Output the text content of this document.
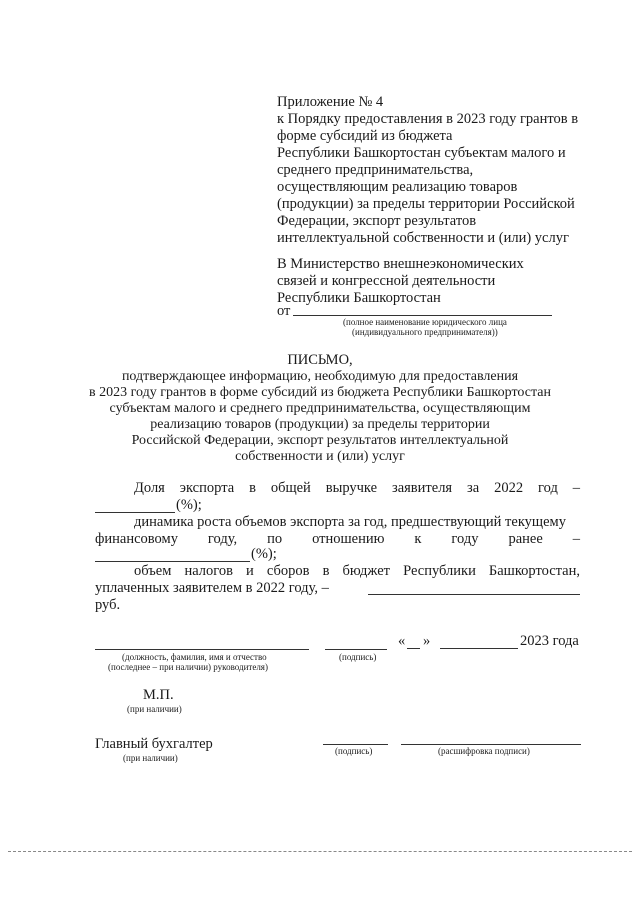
Приложение № 4
к Порядку предоставления в 2023 году грантов в
форме субсидий из бюджета
Республики Башкортостан субъектам малого и
среднего предпринимательства,
осуществляющим реализацию товаров
(продукции) за пределы территории Российской
Федерации, экспорт результатов
интеллектуальной собственности и (или) услуг
В Министерство внешнеэкономических
связей и конгрессной деятельности
Республики Башкортостан
от
(полное наименование юридического лица
(индивидуального предпринимателя))
ПИСЬМО,
подтверждающее информацию, необходимую для предоставления
в 2023 году грантов в форме субсидий из бюджета Республики Башкортостан
субъектам малого и среднего предпринимательства, осуществляющим
реализацию товаров (продукции) за пределы территории
Российской Федерации, экспорт результатов интеллектуальной
собственности и (или) услуг
Доля экспорта в общей выручке заявителя за 2022 год –
(%);
динамика роста объемов экспорта за год, предшествующий текущему
финансовому году, по отношению к году ранее –
(%);
объем налогов и сборов в бюджет Республики Башкортостан,
уплаченных заявителем в 2022 году, –
руб.
(должность, фамилия, имя и отчество
(последнее – при наличии) руководителя)
(подпись)
« »	2023 года
М.П.
(при наличии)
Главный бухгалтер
(при наличии)
(подпись)	(расшифровка подписи)
